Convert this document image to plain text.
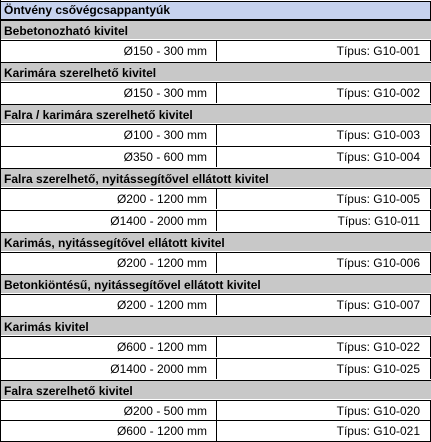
Öntvény csővégcsappantyúk
Bebetonozható kivitel
Ø150 - 300 mm	Típus: G10-001
Karimára szerelhető kivitel
Ø150 - 300 mm	Típus: G10-002
Falra / karimára szerelhető kivitel
Ø100 - 300 mm	Típus: G10-003
Ø350 - 600 mm	Típus: G10-004
Falra szerelhető, nyitássegítővel ellátott kivitel
Ø200 - 1200 mm	Típus: G10-005
Ø1400 - 2000 mm	Típus: G10-011
Karimás, nyitássegítővel ellátott kivitel
Ø200 - 1200 mm	Típus: G10-006
Betonkiöntésű, nyitássegítővel ellátott kivitel
Ø200 - 1200 mm	Típus: G10-007
Karimás kivitel
Ø600 - 1200 mm	Típus: G10-022
Ø1400 - 2000 mm	Típus: G10-025
Falra szerelhető kivitel
Ø200 - 500 mm	Típus: G10-020
Ø600 - 1200 mm	Típus: G10-021
